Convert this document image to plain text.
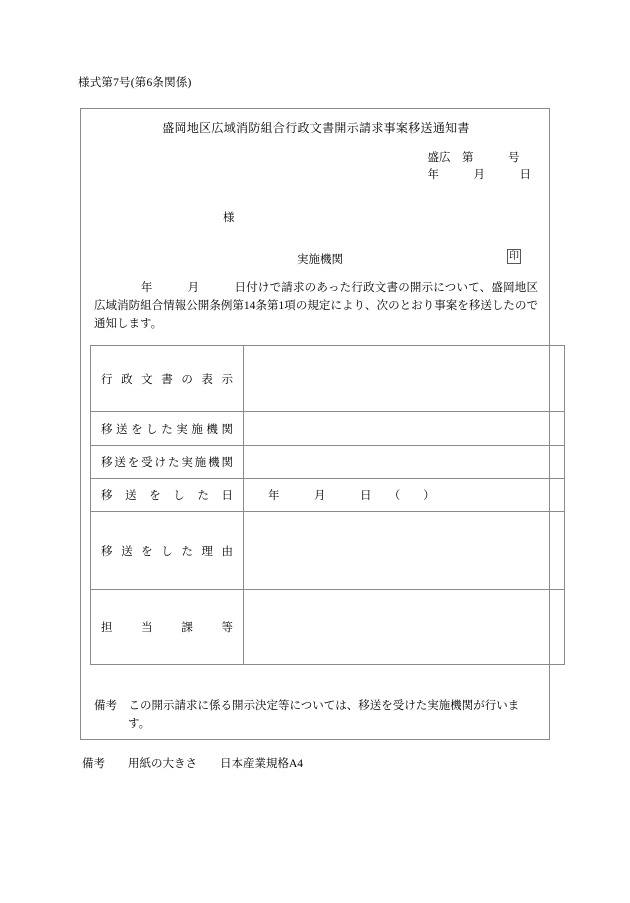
様式第7号(第6条関係)
盛岡地区広域消防組合行政文書開示請求事案移送通知書
盛広　第　　　号
年　　　月　　　日
様
実施機関	印
　　　　年　　　月　　　日付けで請求のあった行政文書の開示について、盛岡地区広域消防組合情報公開条例第14条第1項の規定により、次のとおり事案を移送したので通知します。
行政文書の表示	

移送をした実施機関	

移送を受けた実施機関	

移送をした日	年　　　月　　　日　　（　　）

移送をした理由	

担当課等	

備考　 この開示請求に係る開示決定等については、移送を受けた実施機関が行います。
備考　　用紙の大きさ　　日本産業規格A4
